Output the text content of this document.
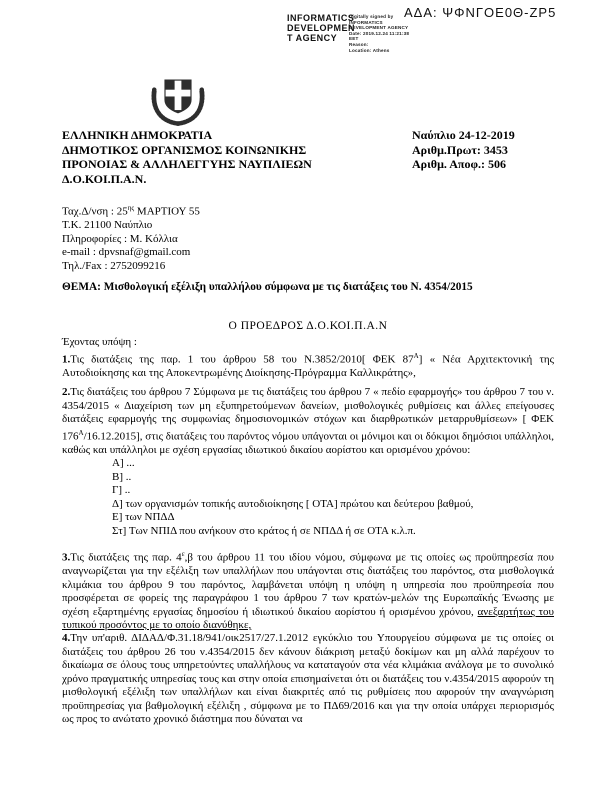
ΑΔΑ: ΨΦΝΓΟΕ0Θ-ΖΡ5
INFORMATICS
DEVELOPMEN
T AGENCY
Digitally signed by
INFORMATICS
DEVELOPMENT AGENCY
Date: 2019.12.24 11:21:38
EET
Reason:
Location: Athens
ΕΛΛΗΝΙΚΗ ΔΗΜΟΚΡΑΤΙΑ
ΔΗΜΟΤΙΚΟΣ ΟΡΓΑΝΙΣΜΟΣ ΚΟΙΝΩΝΙΚΗΣ
ΠΡΟΝΟΙΑΣ & ΑΛΛΗΛΕΓΓΥΗΣ ΝΑΥΠΛΙΕΩΝ
Δ.Ο.ΚΟΙ.Π.Α.Ν.
Ναύπλιο 24-12-2019
Αριθμ.Πρωτ: 3453
Αριθμ. Αποφ.: 506
Ταχ.Δ/νση : $25^{\eta\varsigma}$ ΜΑΡΤΙΟΥ 55
Τ.Κ. 21100 Ναύπλιο
Πληροφορίες : Μ. Κόλλια
e-mail : dpvsnaf@gmail.com
Τηλ./Fax : 2752099216
ΘΕΜΑ: Μισθολογική εξέλιξη υπαλλήλου σύμφωνα με τις διατάξεις του Ν. 4354/2015
Ο ΠΡΟΕΔΡΟΣ Δ.Ο.ΚΟΙ.Π.Α.Ν
Έχοντας υπόψη :

1.Τις διατάξεις της παρ. 1 του άρθρου 58 του Ν.3852/2010[ ΦΕΚ $87^A$] « Νέα Αρχιτεκτονική της Αυτοδιοίκησης και της Αποκεντρωμένης Διοίκησης-Πρόγραμμα Καλλικράτης»,

2.Τις διατάξεις του άρθρου 7 Σύμφωνα με τις διατάξεις του άρθρου 7 « πεδίο εφαρμογής» του άρθρου 7 του ν. 4354/2015 « Διαχείριση των μη εξυπηρετούμενων δανείων, μισθολογικές ρυθμίσεις και άλλες επείγουσες διατάξεις εφαρμογής της συμφωνίας δημοσιονομικών στόχων και διαρθρωτικών μεταρρυθμίσεων» [ ΦΕΚ $176^A/16.12.2015$], στις διατάξεις του παρόντος νόμου υπάγονται οι μόνιμοι και οι δόκιμοι δημόσιοι υπάλληλοι, καθώς και υπάλληλοι με σχέση εργασίας ιδιωτικού δικαίου αορίστου και ορισμένου χρόνου:

Α] ...
Β] ..
Γ] ..
Δ] των οργανισμών τοπικής αυτοδιοίκησης [ ΟΤΑ] πρώτου και δεύτερου βαθμού,
Ε] των ΝΠΔΔ
Στ] Των ΝΠΙΔ που ανήκουν στο κράτος ή σε ΝΠΔΔ ή σε ΟΤΑ κ.λ.π.

3.Τις διατάξεις της παρ. $4^\varepsilon,\beta$ του άρθρου 11 του ιδίου νόμου, σύμφωνα με τις οποίες ως προϋπηρεσία που αναγνωρίζεται για την εξέλιξη των υπαλλήλων που υπάγονται στις διατάξεις του παρόντος, στα μισθολογικά κλιμάκια του άρθρου 9 του παρόντος, λαμβάνεται υπόψη η υπόψη η υπηρεσία που προϋπηρεσία που προσφέρεται σε φορείς της παραγράφου 1 του άρθρου 7 των κρατών-μελών της Ευρωπαϊκής Ένωσης με σχέση εξαρτημένης εργασίας δημοσίου ή ιδιωτικού δικαίου αορίστου ή ορισμένου χρόνου, ανεξαρτήτως του τυπικού προσόντος με το οποίο διανύθηκε,

4.Την υπ'αριθ. ΔΙΔΑΔ/Φ.31.18/941/οικ2517/27.1.2012 εγκύκλιο του Υπουργείου σύμφωνα με τις οποίες οι διατάξεις του άρθρου 26 του ν.4354/2015 δεν κάνουν διάκριση μεταξύ δοκίμων και μη αλλά παρέχουν το δικαίωμα σε όλους τους υπηρετούντες υπαλλήλους να καταταγούν στα νέα κλιμάκια ανάλογα με το συνολικό χρόνο πραγματικής υπηρεσίας τους και στην οποία επισημαίνεται ότι οι διατάξεις του ν.4354/2015 αφορούν τη μισθολογική εξέλιξη των υπαλλήλων και είναι διακριτές από τις ρυθμίσεις που αφορούν την αναγνώριση προϋπηρεσίας για βαθμολογική εξέλιξη , σύμφωνα με το ΠΔ69/2016 και για την οποία υπάρχει περιορισμός ως προς το ανώτατο χρονικό διάστημα που δύναται να
